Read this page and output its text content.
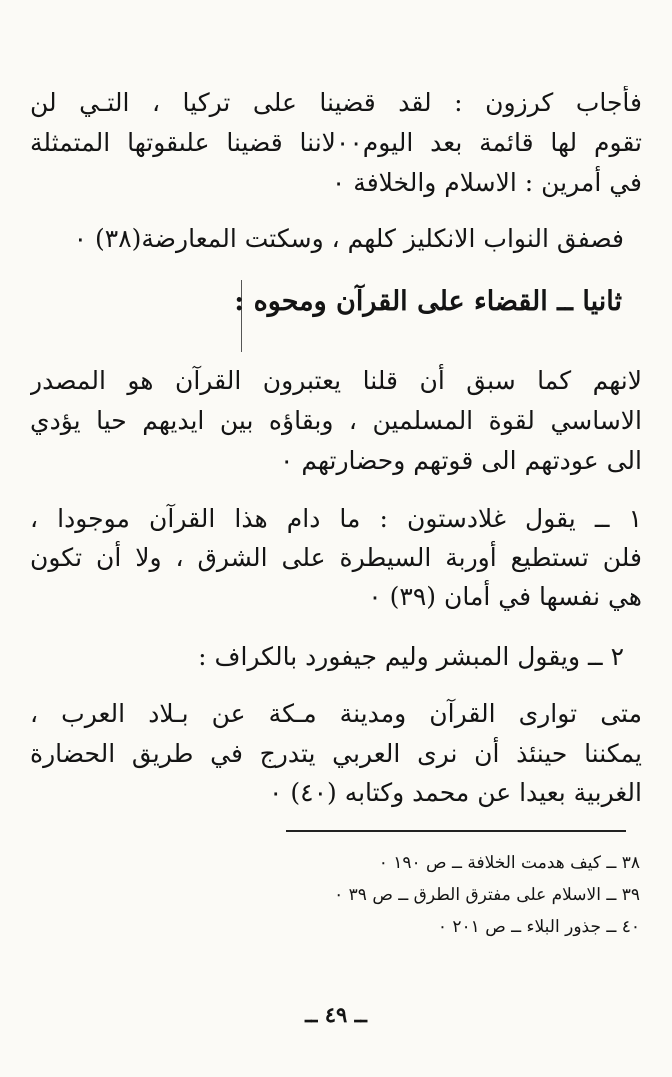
فأجاب كرزون : لقد قضينا على تركيا ، التـي لن
تقوم لها قائمة بعد اليوم٠٠لاننا قضينا علىقوتها المتمثلة
في أمرين : الاسلام والخلافة ٠
فصفق النواب الانكليز كلهم ، وسكتت المعارضة(٣٨) ٠
ثانيا ــ القضاء على القرآن ومحوه :
لانهم كما سبق أن قلنا يعتبرون القرآن هو المصدر
الاساسي لقوة المسلمين ، وبقاؤه بين ايديهم حيا يؤدي
الى عودتهم الى قوتهم وحضارتهم ٠
١ ــ يقول غلادستون : ما دام هذا القرآن موجودا ،
فلن تستطيع أوربة السيطرة على الشرق ، ولا أن تكون
هي نفسها في أمان (٣٩) ٠
٢ ــ ويقول المبشر وليم جيفورد بالكراف :
متى توارى القرآن ومدينة مـكة عن بـلاد العرب ،
يمكننا حينئذ أن نرى العربي يتدرج في طريق الحضارة
الغربية بعيدا عن محمد وكتابه (٤٠) ٠
٣٨ ــ كيف هدمت الخلافة ــ ص ١٩٠ ٠
٣٩ ــ الاسلام على مفترق الطرق ــ ص ٣٩ ٠
٤٠ ــ جذور البلاء ــ ص ٢٠١ ٠
ــ ٤٩ ــ
